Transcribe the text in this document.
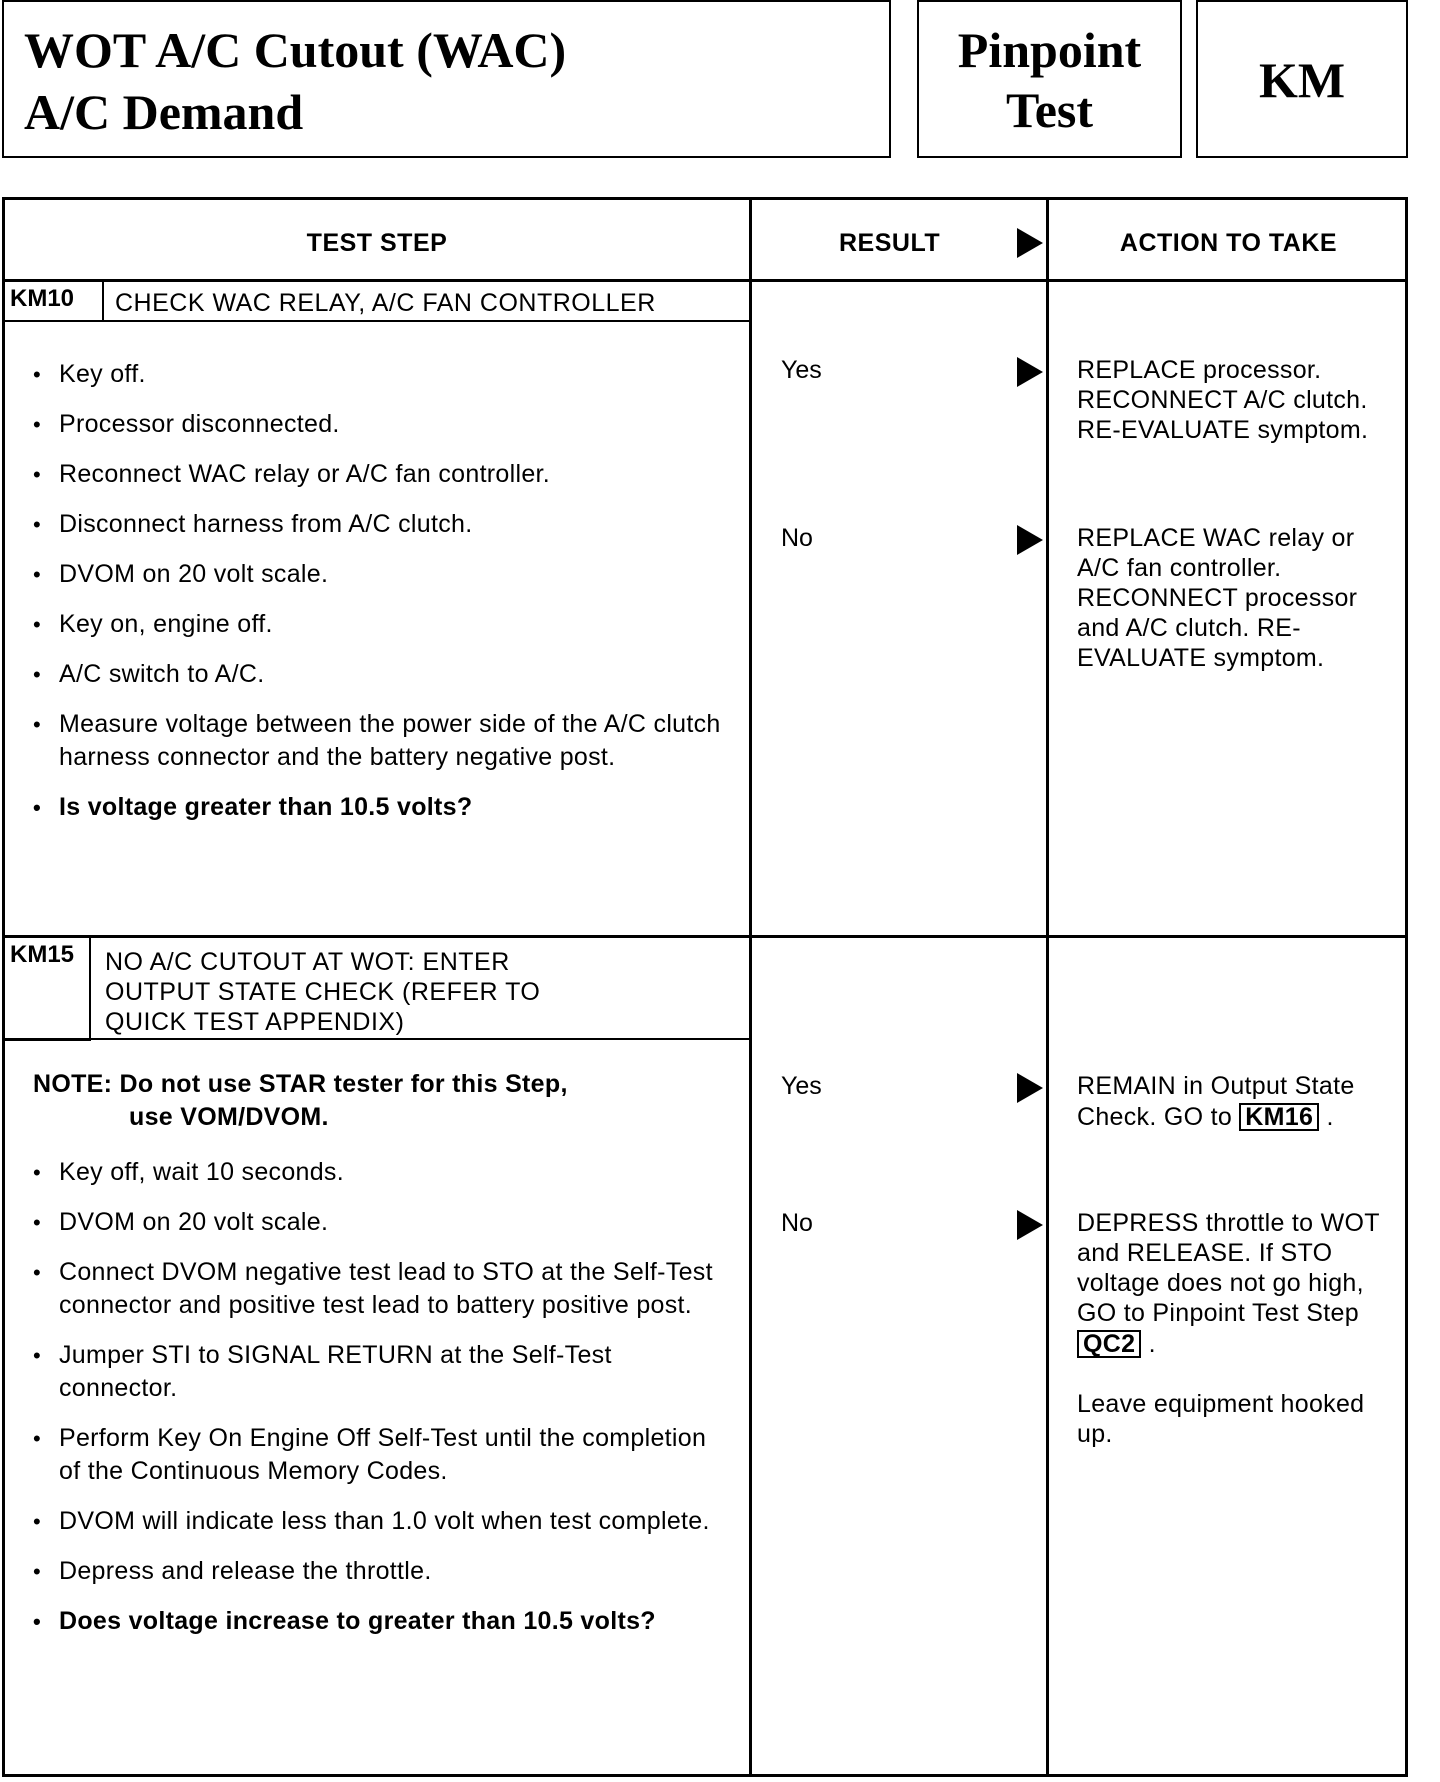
WOT A/C Cutout (WAC)
A/C Demand
Pinpoint
Test
KM
TEST STEP	RESULT	ACTION TO TAKE
KM10	CHECK WAC RELAY, A/C FAN CONTROLLER
• Key off.
• Processor disconnected.
• Reconnect WAC relay or A/C fan controller.
• Disconnect harness from A/C clutch.
• DVOM on 20 volt scale.
• Key on, engine off.
• A/C switch to A/C.
• Measure voltage between the power side of the A/C clutch harness connector and the battery negative post.
• Is voltage greater than 10.5 volts?
Yes	REPLACE processor. RECONNECT A/C clutch. RE-EVALUATE symptom.

No	REPLACE WAC relay or A/C fan controller. RECONNECT processor and A/C clutch. RE-EVALUATE symptom.

KM15	NO A/C CUTOUT AT WOT: ENTER
OUTPUT STATE CHECK (REFER TO
QUICK TEST APPENDIX)
NOTE: Do not use STAR tester for this Step,
use VOM/DVOM.
• Key off, wait 10 seconds.
• DVOM on 20 volt scale.
• Connect DVOM negative test lead to STO at the Self-Test connector and positive test lead to battery positive post.
• Jumper STI to SIGNAL RETURN at the Self-Test connector.
• Perform Key On Engine Off Self-Test until the completion of the Continuous Memory Codes.
• DVOM will indicate less than 1.0 volt when test complete.
• Depress and release the throttle.
• Does voltage increase to greater than 10.5 volts?
Yes	REMAIN in Output State Check. GO to KM16 .

No	DEPRESS throttle to WOT and RELEASE. If STO voltage does not go high, GO to Pinpoint Test Step QC2 .

Leave equipment hooked up.
